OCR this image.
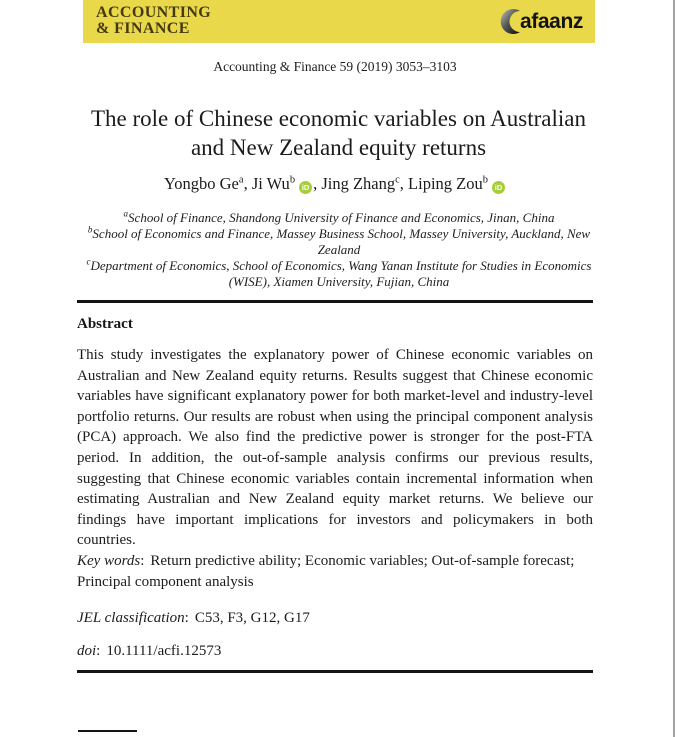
ACCOUNTING
& FINANCE	afaanz
Accounting & Finance 59 (2019) 3053–3103
The role of Chinese economic variables on Australian
and New Zealand equity returns
Yongbo Ge$^a$, Ji Wu$^b$iD , Jing Zhang$^c$, Liping Zou$^b$iD
$^a$School of Finance, Shandong University of Finance and Economics, Jinan, China
$^b$School of Economics and Finance, Massey Business School, Massey University, Auckland, New Zealand
$^c$Department of Economics, School of Economics, Wang Yanan Institute for Studies in Economics (WISE), Xiamen University, Fujian, China
Abstract

This study investigates the explanatory power of Chinese economic variables on Australian and New Zealand equity returns. Results suggest that Chinese economic variables have significant explanatory power for both market-level and industry-level portfolio returns. Our results are robust when using the principal component analysis (PCA) approach. We also find the predictive power is stronger for the post-FTA period. In addition, the out-of-sample analysis confirms our previous results, suggesting that Chinese economic variables contain incremental information when estimating Australian and New Zealand equity market returns. We believe our findings have important implications for investors and policymakers in both countries.

Key words: Return predictive ability; Economic variables; Out-of-sample forecast; Principal component analysis

JEL classification: C53, F3, G12, G17

doi: 10.1111/acfi.12573
